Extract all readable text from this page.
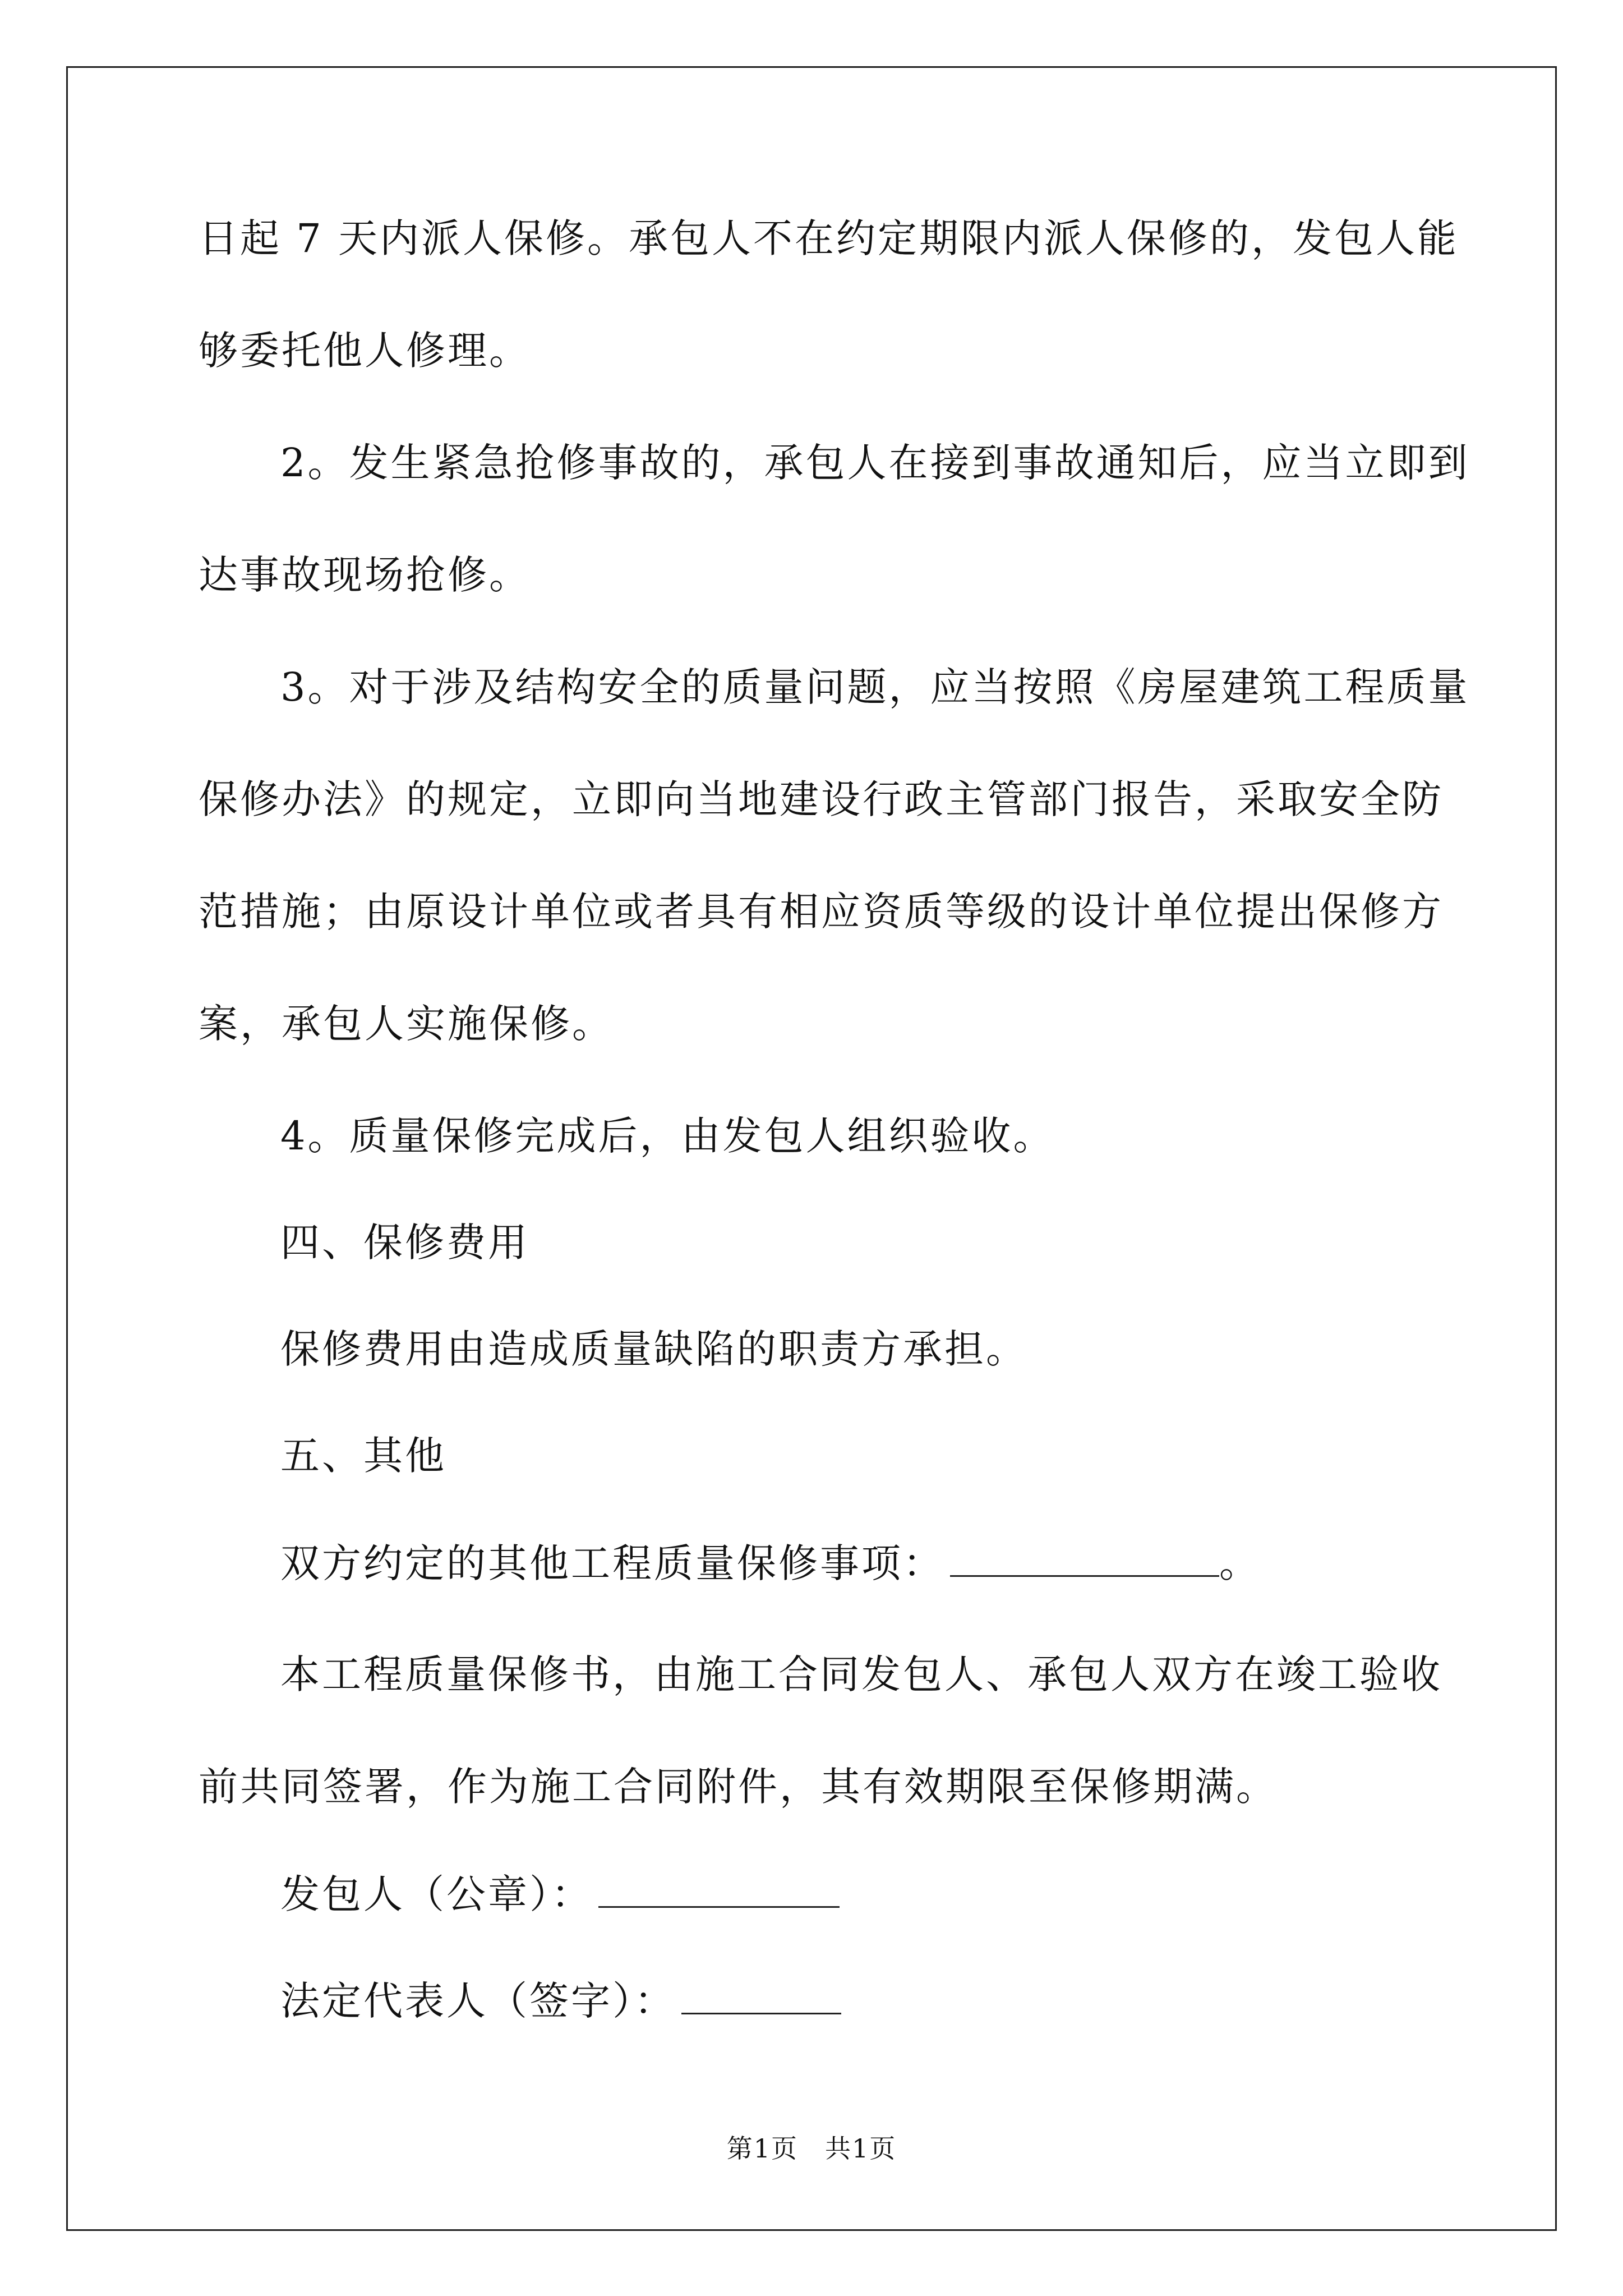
日起 7 天内派人保修。承包人不在约定期限内派人保修的，发包人能
够委托他人修理。
2。发生紧急抢修事故的，承包人在接到事故通知后，应当立即到
达事故现场抢修。
3。对于涉及结构安全的质量问题，应当按照《房屋建筑工程质量
保修办法》的规定，立即向当地建设行政主管部门报告，采取安全防
范措施；由原设计单位或者具有相应资质等级的设计单位提出保修方
案，承包人实施保修。
4。质量保修完成后，由发包人组织验收。
四、保修费用
保修费用由造成质量缺陷的职责方承担。
五、其他
双方约定的其他工程质量保修事项：	。
本工程质量保修书，由施工合同发包人、承包人双方在竣工验收
前共同签署，作为施工合同附件，其有效期限至保修期满。
发包人（公章）：
法定代表人（签字）：
第1页　共1页
